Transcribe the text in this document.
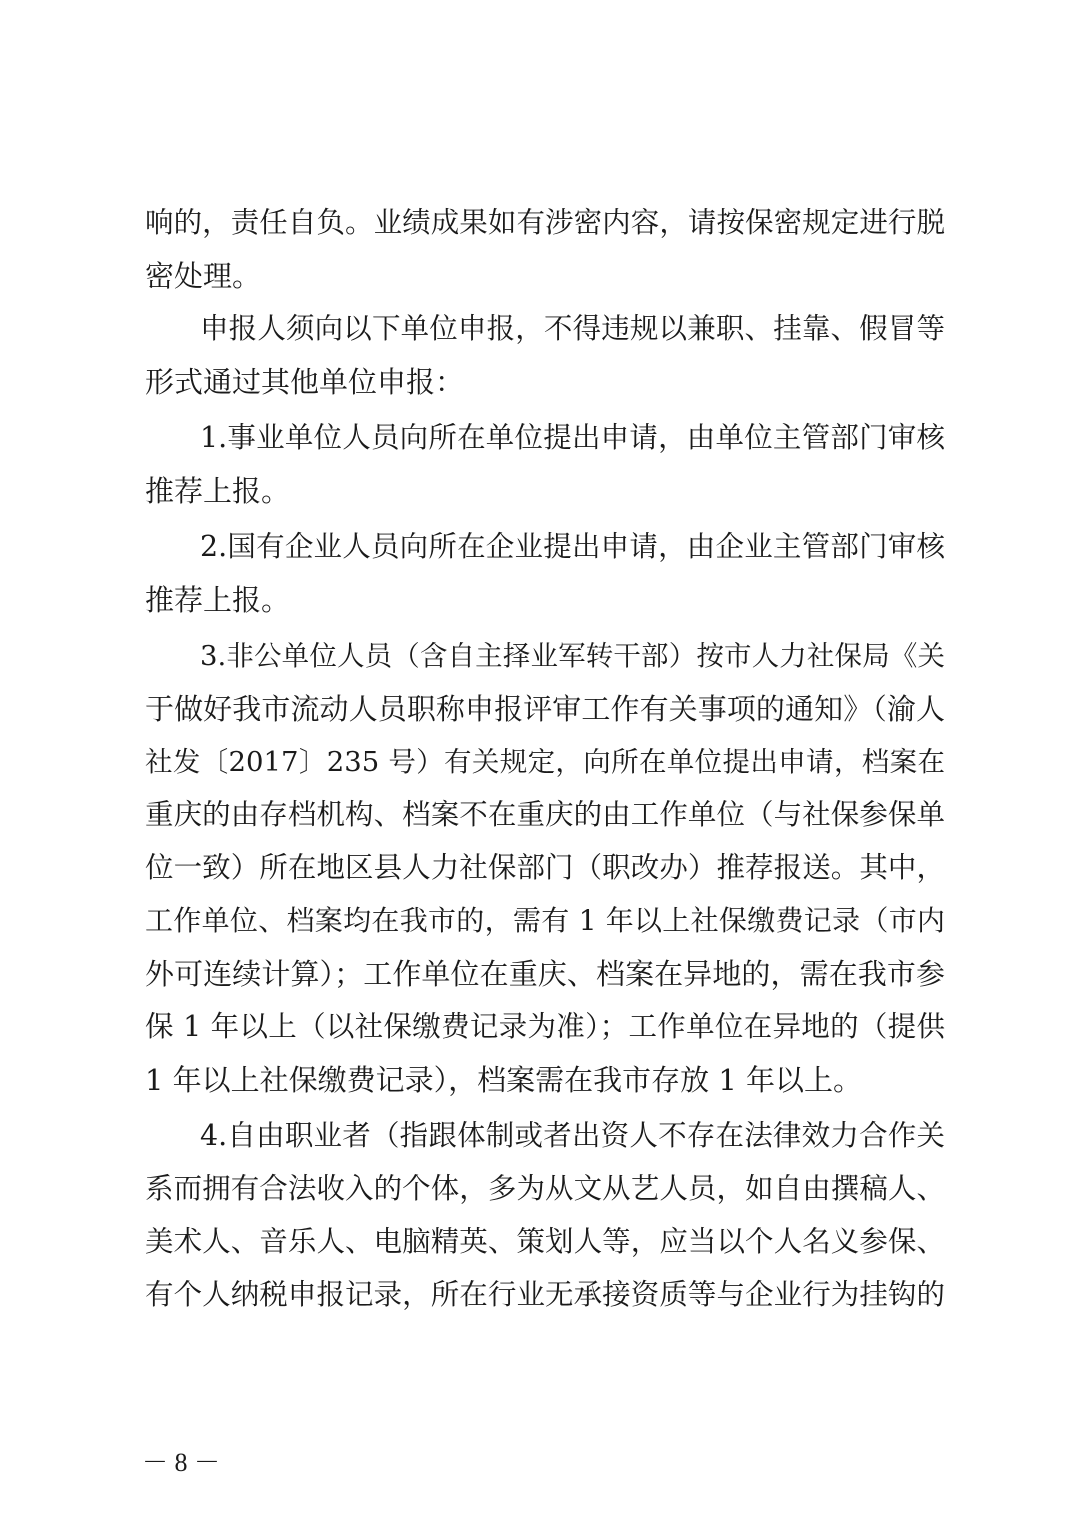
响的，责任自负。业绩成果如有涉密内容，请按保密规定进行脱
密处理。
申报人须向以下单位申报，不得违规以兼职、挂靠、假冒等
形式通过其他单位申报：
1.事业单位人员向所在单位提出申请，由单位主管部门审核
推荐上报。
2.国有企业人员向所在企业提出申请，由企业主管部门审核
推荐上报。
3.非公单位人员（含自主择业军转干部）按市人力社保局《关
于做好我市流动人员职称申报评审工作有关事项的通知》（渝人
社发〔2017〕235 号）有关规定，向所在单位提出申请，档案在
重庆的由存档机构、档案不在重庆的由工作单位（与社保参保单
位一致）所在地区县人力社保部门（职改办）推荐报送。其中，
工作单位、档案均在我市的，需有 1 年以上社保缴费记录（市内
外可连续计算）；工作单位在重庆、档案在异地的，需在我市参
保 1 年以上（以社保缴费记录为准）；工作单位在异地的（提供
1 年以上社保缴费记录），档案需在我市存放 1 年以上。
4.自由职业者（指跟体制或者出资人不存在法律效力合作关
系而拥有合法收入的个体，多为从文从艺人员，如自由撰稿人、
美术人、音乐人、电脑精英、策划人等，应当以个人名义参保、
有个人纳税申报记录，所在行业无承接资质等与企业行为挂钩的
－ 8 －
